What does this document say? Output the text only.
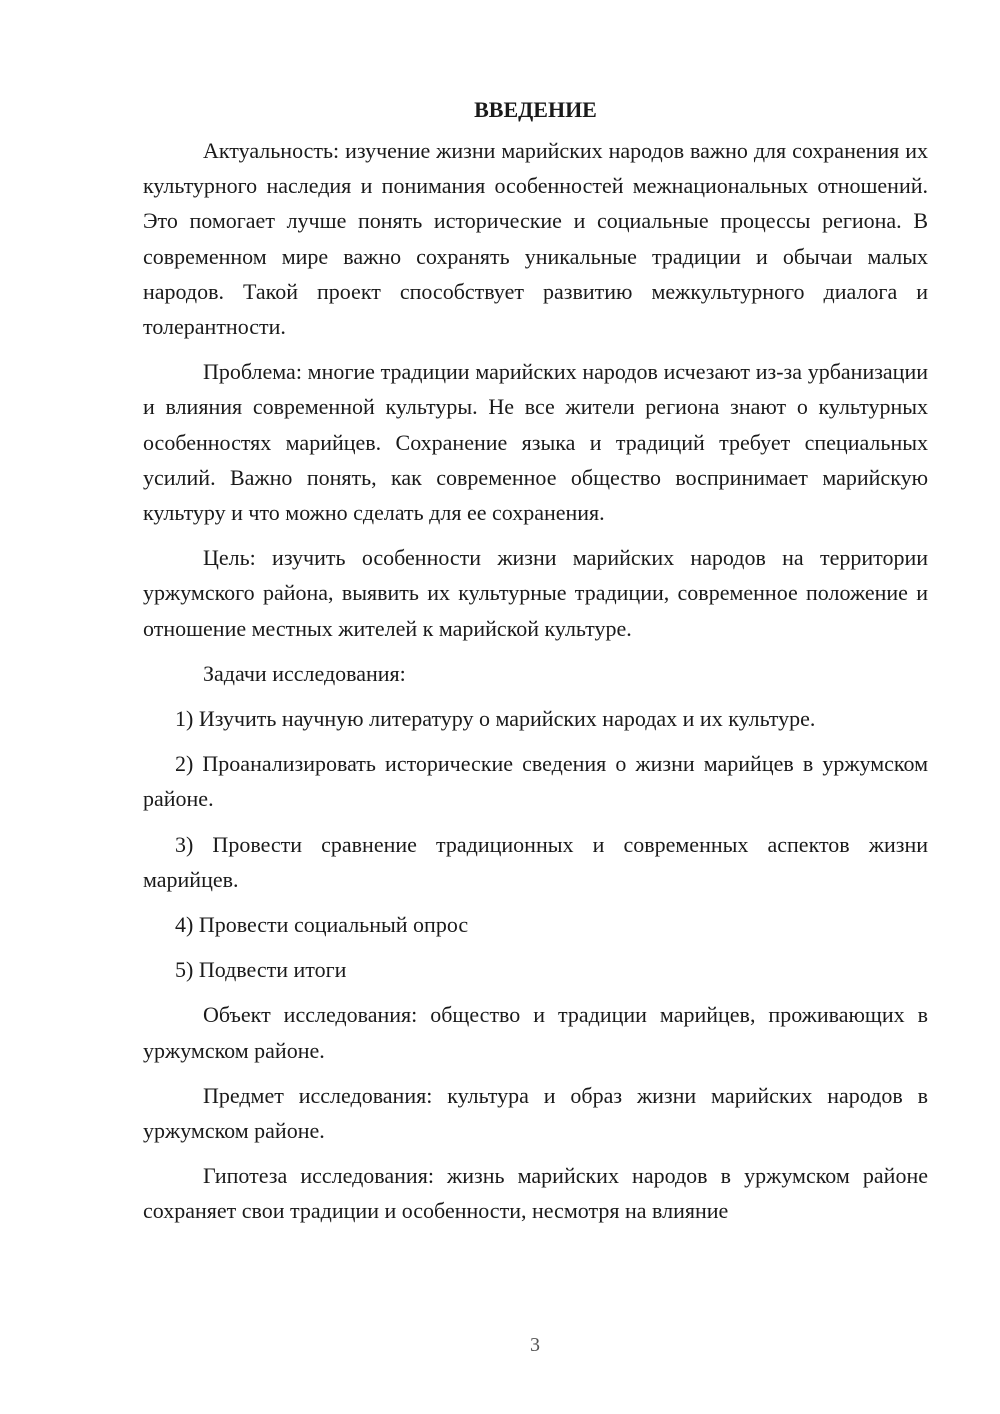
ВВЕДЕНИЕ

Актуальность: изучение жизни марийских народов важно для сохранения их культурного наследия и понимания особенностей межнациональных отношений. Это помогает лучше понять исторические и социальные процессы региона. В современном мире важно сохранять уникальные традиции и обычаи малых народов. Такой проект способствует развитию межкультурного диалога и толерантности.

Проблема: многие традиции марийских народов исчезают из-за урбанизации и влияния современной культуры. Не все жители региона знают о культурных особенностях марийцев. Сохранение языка и традиций требует специальных усилий. Важно понять, как современное общество воспринимает марийскую культуру и что можно сделать для ее сохранения.

Цель: изучить особенности жизни марийских народов на территории уржумского района, выявить их культурные традиции, современное положение и отношение местных жителей к марийской культуре.

Задачи исследования:

1) Изучить научную литературу о марийских народах и их культуре.

2) Проанализировать исторические сведения о жизни марийцев в уржумском районе.

3) Провести сравнение традиционных и современных аспектов жизни марийцев.

4) Провести социальный опрос

5) Подвести итоги

Объект исследования: общество и традиции марийцев, проживающих в уржумском районе.

Предмет исследования: культура и образ жизни марийских народов в уржумском районе.

Гипотеза исследования: жизнь марийских народов в уржумском районе сохраняет свои традиции и особенности, несмотря на влияние

3
